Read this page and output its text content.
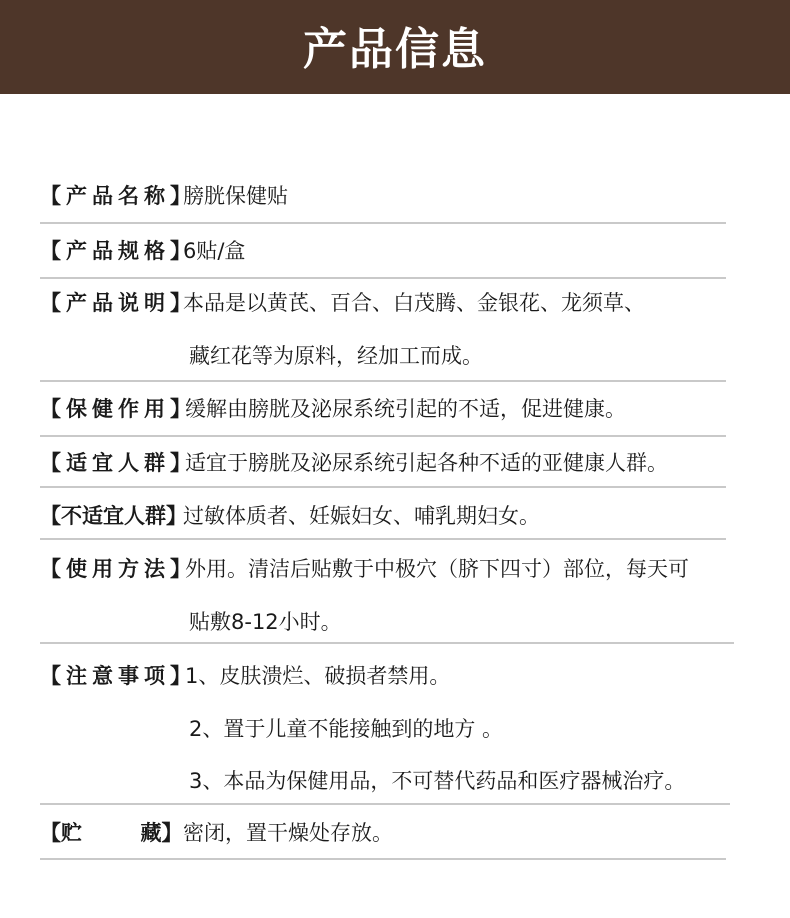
产品信息
【产品名称】
膀胱保健贴
【产品规格】
6贴/盒
【产品说明】
本品是以黄芪、百合、白茂腾、金银花、龙须草、
藏红花等为原料，经加工而成。
【保健作用】
缓解由膀胱及泌尿系统引起的不适，促进健康。
【适宜人群】
适宜于膀胱及泌尿系统引起各种不适的亚健康人群。
【不适宜人群】
过敏体质者、妊娠妇女、哺乳期妇女。
【使用方法】
外用。清洁后贴敷于中极穴（脐下四寸）部位，每天可
贴敷8-12小时。
【注意事项】
1、皮肤溃烂、破损者禁用。
2、置于儿童不能接触到的地方 。
3、本品为保健用品，不可替代药品和医疗器械治疗。
【贮        藏】 密闭，置干燥处存放。
